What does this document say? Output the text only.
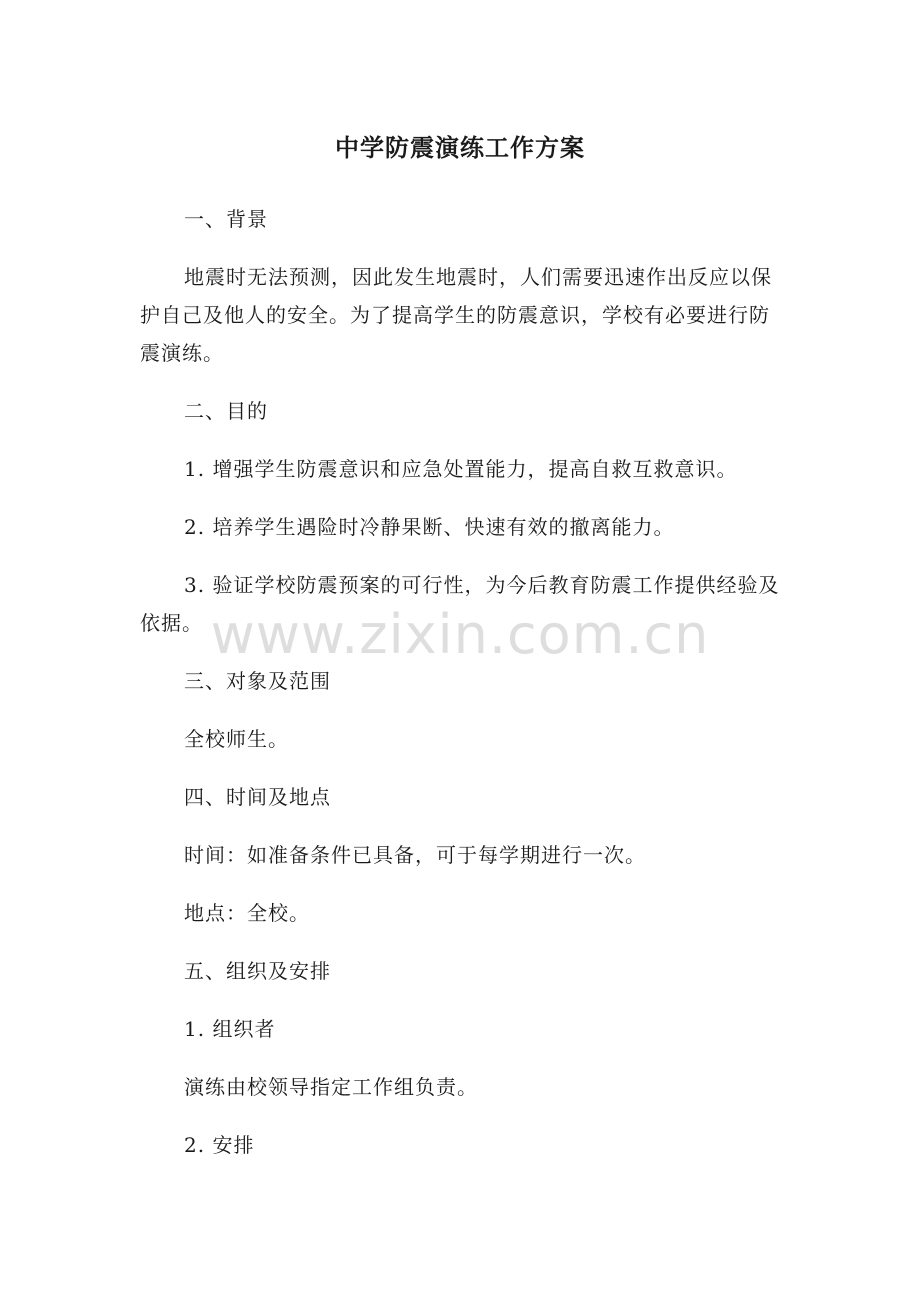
中学防震演练工作方案

一、背景

地震时无法预测，因此发生地震时，人们需要迅速作出反应以保护自己及他人的安全。为了提高学生的防震意识，学校有必要进行防震演练。

二、目的

1. 增强学生防震意识和应急处置能力，提高自救互救意识。

2. 培养学生遇险时冷静果断、快速有效的撤离能力。

3. 验证学校防震预案的可行性，为今后教育防震工作提供经验及依据。

三、对象及范围

全校师生。

四、时间及地点

时间：如准备条件已具备，可于每学期进行一次。

地点：全校。

五、组织及安排

1. 组织者

演练由校领导指定工作组负责。

2. 安排

www.zixin.com.cn
